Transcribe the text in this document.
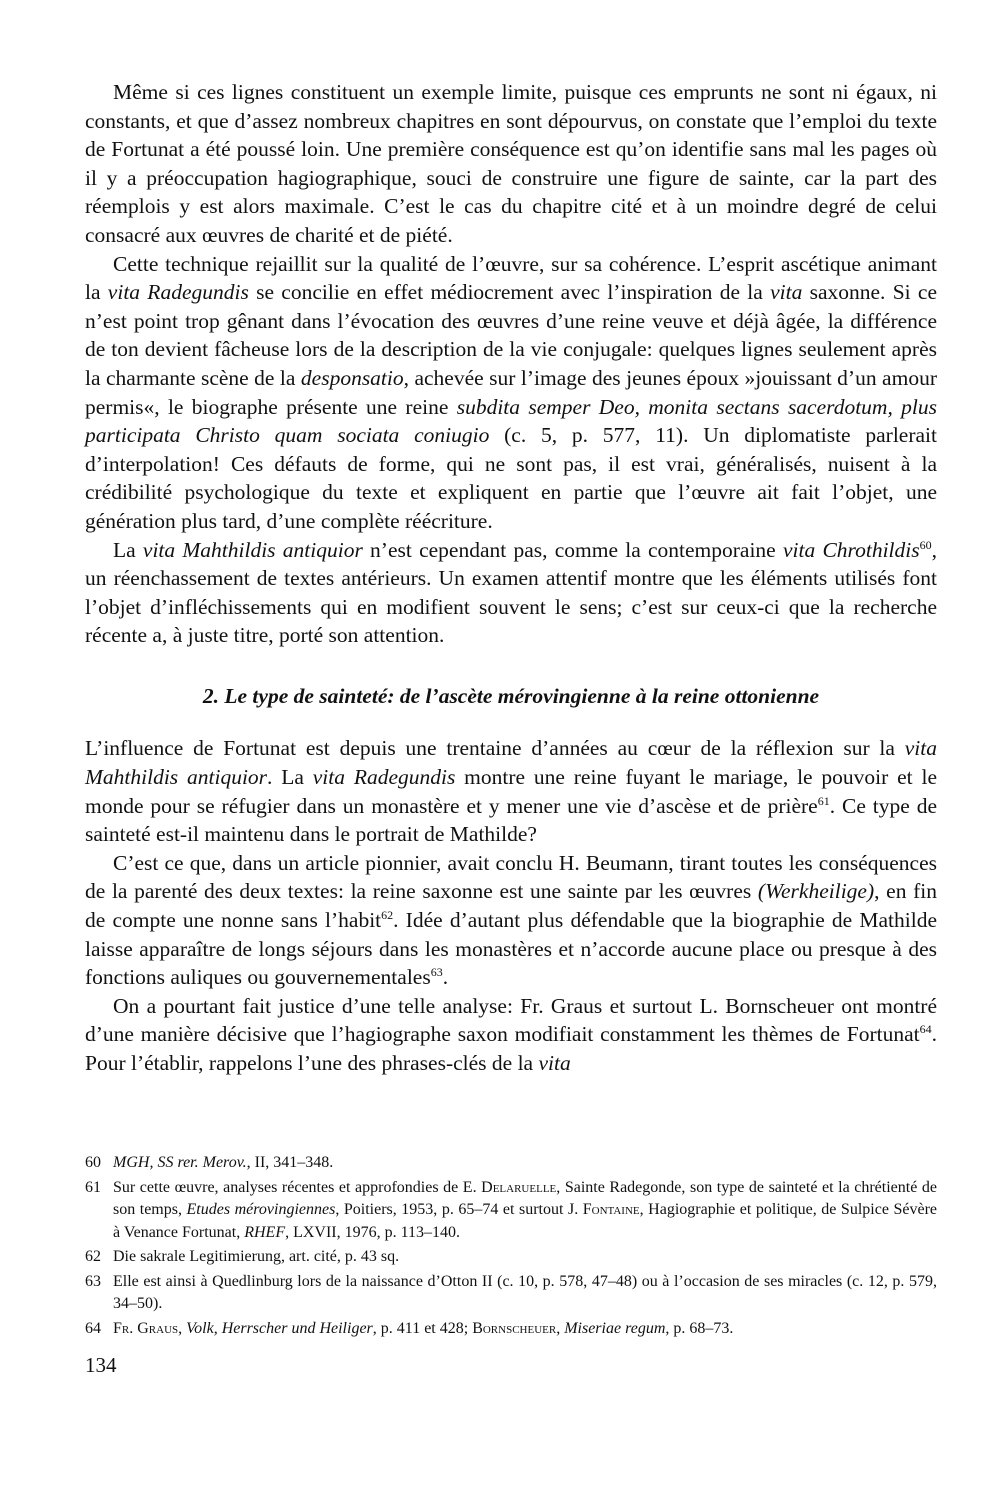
Même si ces lignes constituent un exemple limite, puisque ces emprunts ne sont ni égaux, ni constants, et que d’assez nombreux chapitres en sont dépourvus, on constate que l’emploi du texte de Fortunat a été poussé loin. Une première conséquence est qu’on identifie sans mal les pages où il y a préoccupation hagiographique, souci de construire une figure de sainte, car la part des réemplois y est alors maximale. C’est le cas du chapitre cité et à un moindre degré de celui consacré aux œuvres de charité et de piété.

Cette technique rejaillit sur la qualité de l’œuvre, sur sa cohérence. L’esprit ascétique animant la vita Radegundis se concilie en effet médiocrement avec l’inspiration de la vita saxonne. Si ce n’est point trop gênant dans l’évocation des œuvres d’une reine veuve et déjà âgée, la différence de ton devient fâcheuse lors de la description de la vie conjugale: quelques lignes seulement après la charmante scène de la desponsatio, achevée sur l’image des jeunes époux »jouissant d’un amour permis«, le biographe présente une reine subdita semper Deo, monita sectans sacerdotum, plus participata Christo quam sociata coniugio (c. 5, p. 577, 11). Un diplomatiste parlerait d’interpolation! Ces défauts de forme, qui ne sont pas, il est vrai, généralisés, nuisent à la crédibilité psychologique du texte et expliquent en partie que l’œuvre ait fait l’objet, une génération plus tard, d’une complète réécriture.

La vita Mahthildis antiquior n’est cependant pas, comme la contemporaine vita Chrothildis$^{60}$, un réenchassement de textes antérieurs. Un examen attentif montre que les éléments utilisés font l’objet d’infléchissements qui en modifient souvent le sens; c’est sur ceux-ci que la recherche récente a, à juste titre, porté son attention.

2. Le type de sainteté: de l’ascète mérovingienne à la reine ottonienne

L’influence de Fortunat est depuis une trentaine d’années au cœur de la réflexion sur la vita Mahthildis antiquior. La vita Radegundis montre une reine fuyant le mariage, le pouvoir et le monde pour se réfugier dans un monastère et y mener une vie d’ascèse et de prière$^{61}$. Ce type de sainteté est-il maintenu dans le portrait de Mathilde?

C’est ce que, dans un article pionnier, avait conclu H. Beumann, tirant toutes les conséquences de la parenté des deux textes: la reine saxonne est une sainte par les œuvres (Werkheilige), en fin de compte une nonne sans l’habit$^{62}$. Idée d’autant plus défendable que la biographie de Mathilde laisse apparaître de longs séjours dans les monastères et n’accorde aucune place ou presque à des fonctions auliques ou gouvernementales$^{63}$.

On a pourtant fait justice d’une telle analyse: Fr. Graus et surtout L. Bornscheuer ont montré d’une manière décisive que l’hagiographe saxon modifiait constamment les thèmes de Fortunat$^{64}$. Pour l’établir, rappelons l’une des phrases-clés de la vita

60 MGH, SS rer. Merov., II, 341–348.
61 Sur cette œuvre, analyses récentes et approfondies de E. Delaruelle, Sainte Radegonde, son type de sainteté et la chrétienté de son temps, Etudes mérovingiennes, Poitiers, 1953, p. 65–74 et surtout J. Fontaine, Hagiographie et politique, de Sulpice Sévère à Venance Fortunat, RHEF, LXVII, 1976, p. 113–140.
62 Die sakrale Legitimierung, art. cité, p. 43 sq.
63 Elle est ainsi à Quedlinburg lors de la naissance d’Otton II (c. 10, p. 578, 47–48) ou à l’occasion de ses miracles (c. 12, p. 579, 34–50).
64 Fr. Graus, Volk, Herrscher und Heiliger, p. 411 et 428; Bornscheuer, Miseriae regum, p. 68–73.
134
